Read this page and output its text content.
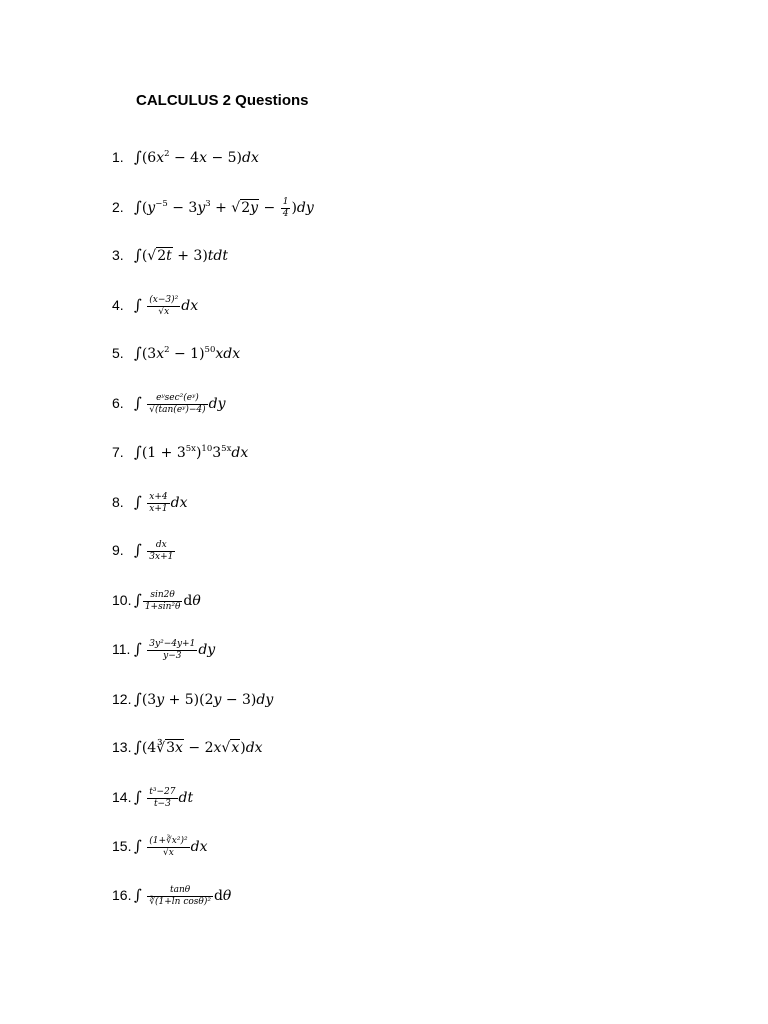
CALCULUS 2 Questions
1. $\int(6x^2 - 4x - 5)dx$
2. $\int(y^{-5} - 3y^3 + √2y - \frac{1}{4} )dy$
3. ∫(√2t + 3)tdt
4. ∫ $\frac{\text{(x−3)²}}{√x}$ dx
5. $\int(3x^2 - 1)^{50}xdx$
6. ∫ $\frac{\text{eʸsec²(eʸ)}}{\text{√(tan(eʸ)−4)}}$ dy
7. $\int(1 + 3^{5x})^{10}3^{5x}dx$
8. ∫ $\frac{x+4}{x+1}$ dx
9. ∫ $\frac{dx}{3x+1}$
10. ∫ $\frac{\sin 2\theta}{\text{1+sin²θ}}$ dθ
11. ∫ $\frac{\text{3y²−4y+1}}{y-3}$ dy
12. ∫(3y + 5)(2y − 3)dy
13. ∫(4∛3x − 2x√x)dx
14. ∫ $\frac{\text{t³−27}}{t-3}$ dt
15. ∫ $\frac{\text{(1+∛x²)²}}{√x}$ dx
16. ∫ $\frac{\tan\theta}{\text{∛(1+ln cosθ)²}}$ dθ
